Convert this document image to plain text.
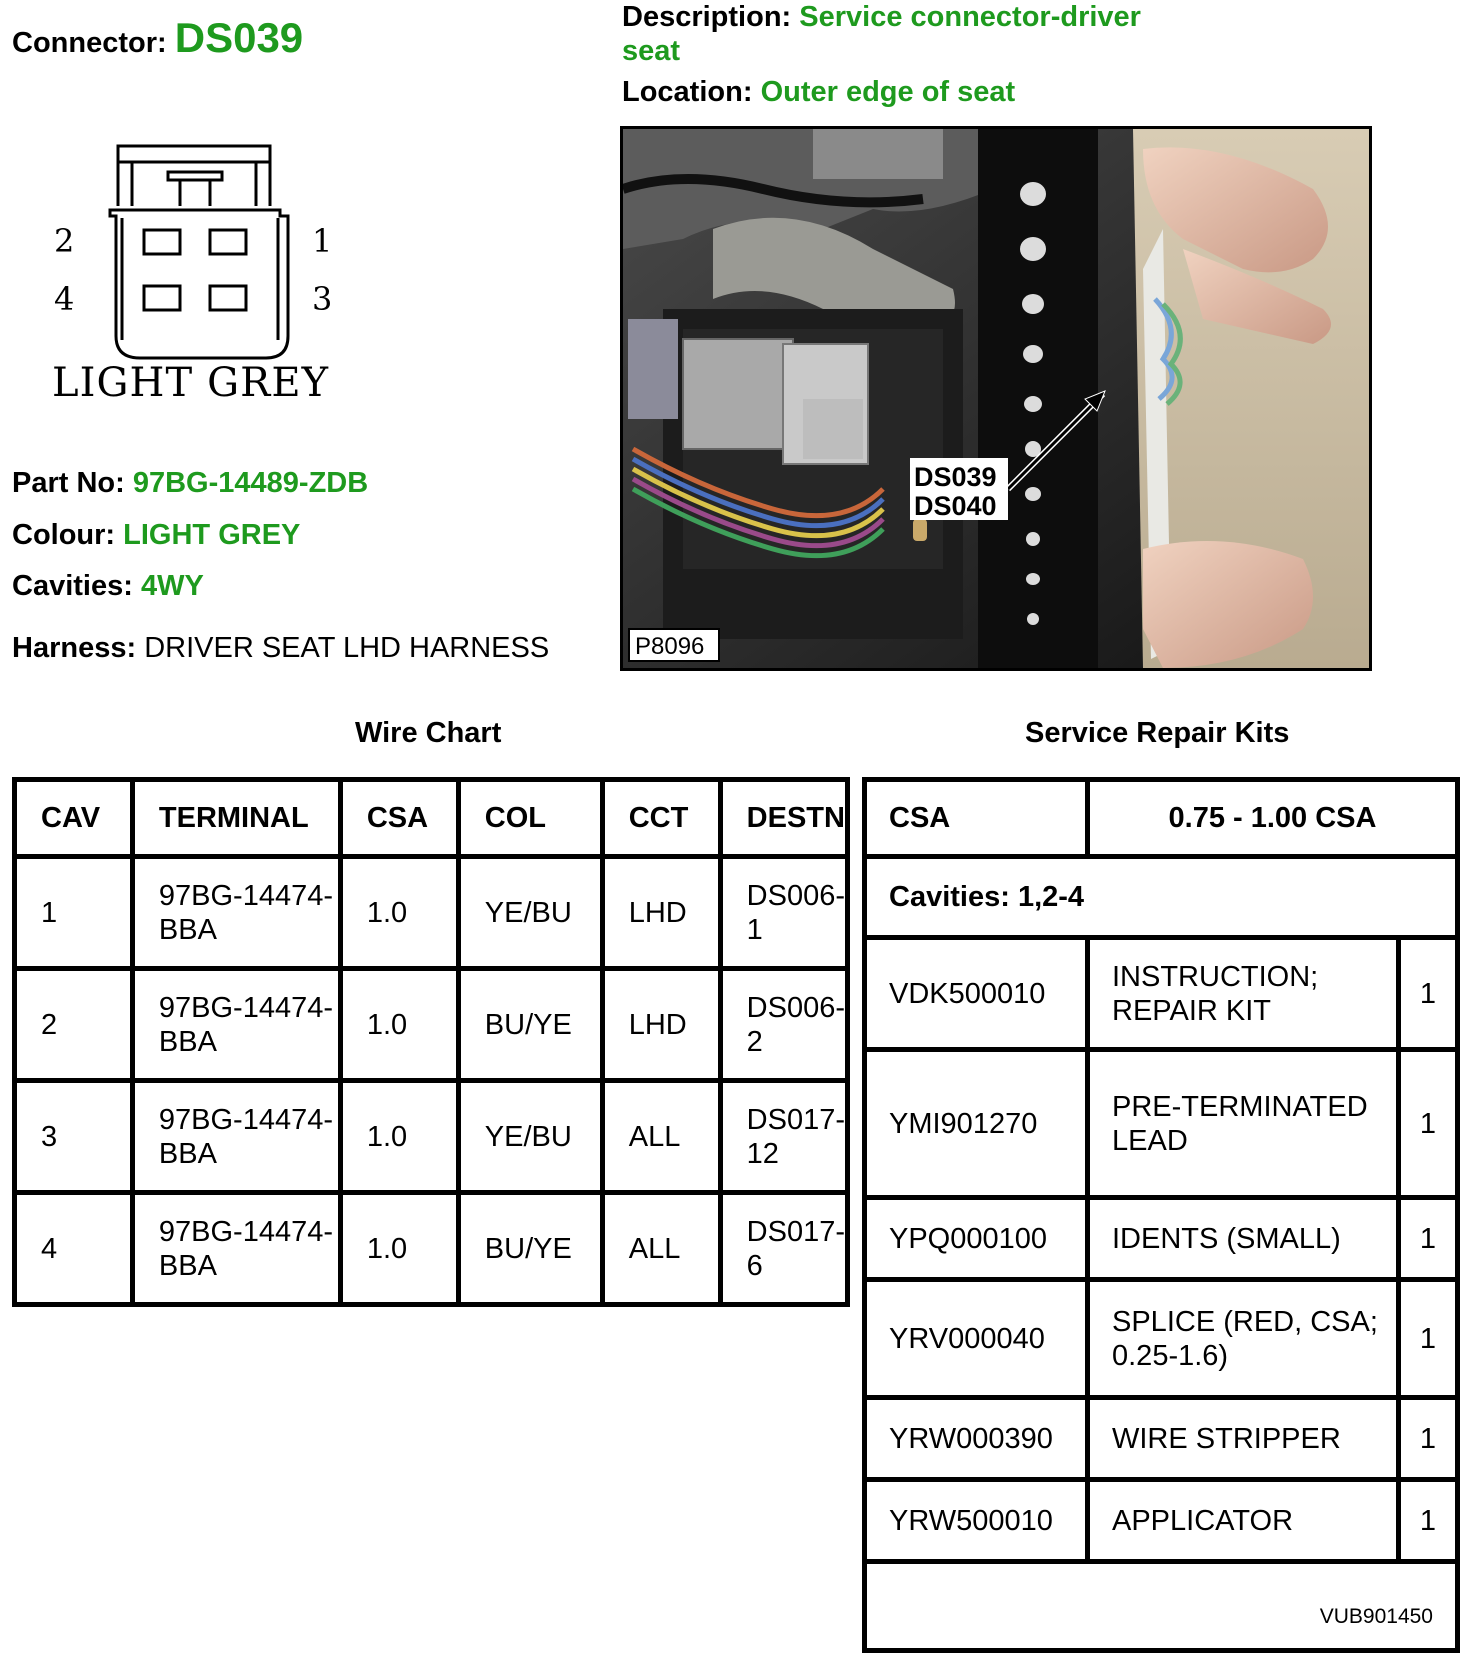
Connector: DS039	Description: Service connector-driver seat
Location: Outer edge of seat
2	1
4	3
LIGHT GREY
Part No: 97BG-14489-ZDB
Colour: LIGHT GREY
Cavities: 4WY
Harness: DRIVER SEAT LHD HARNESS
DS039
DS040
P8096
Wire Chart	Service Repair Kits
CAV	TERMINAL	CSA	COL	CCT	DESTN
1	97BG-14474-BBA	1.0	YE/BU	LHD	DS006-1
2	97BG-14474-BBA	1.0	BU/YE	LHD	DS006-2
3	97BG-14474-BBA	1.0	YE/BU	ALL	DS017-12
4	97BG-14474-BBA	1.0	BU/YE	ALL	DS017-6
CSA	0.75 - 1.00 CSA	
Cavities: 1,2-4		
VDK500010	INSTRUCTION; REPAIR KIT	1
YMI901270	PRE-TERMINATED LEAD	1
YPQ000100	IDENTS (SMALL)	1
YRV000040	SPLICE (RED, CSA; 0.25-1.6)	1
YRW000390	WIRE STRIPPER	1
YRW500010	APPLICATOR	1
VUB901450		
